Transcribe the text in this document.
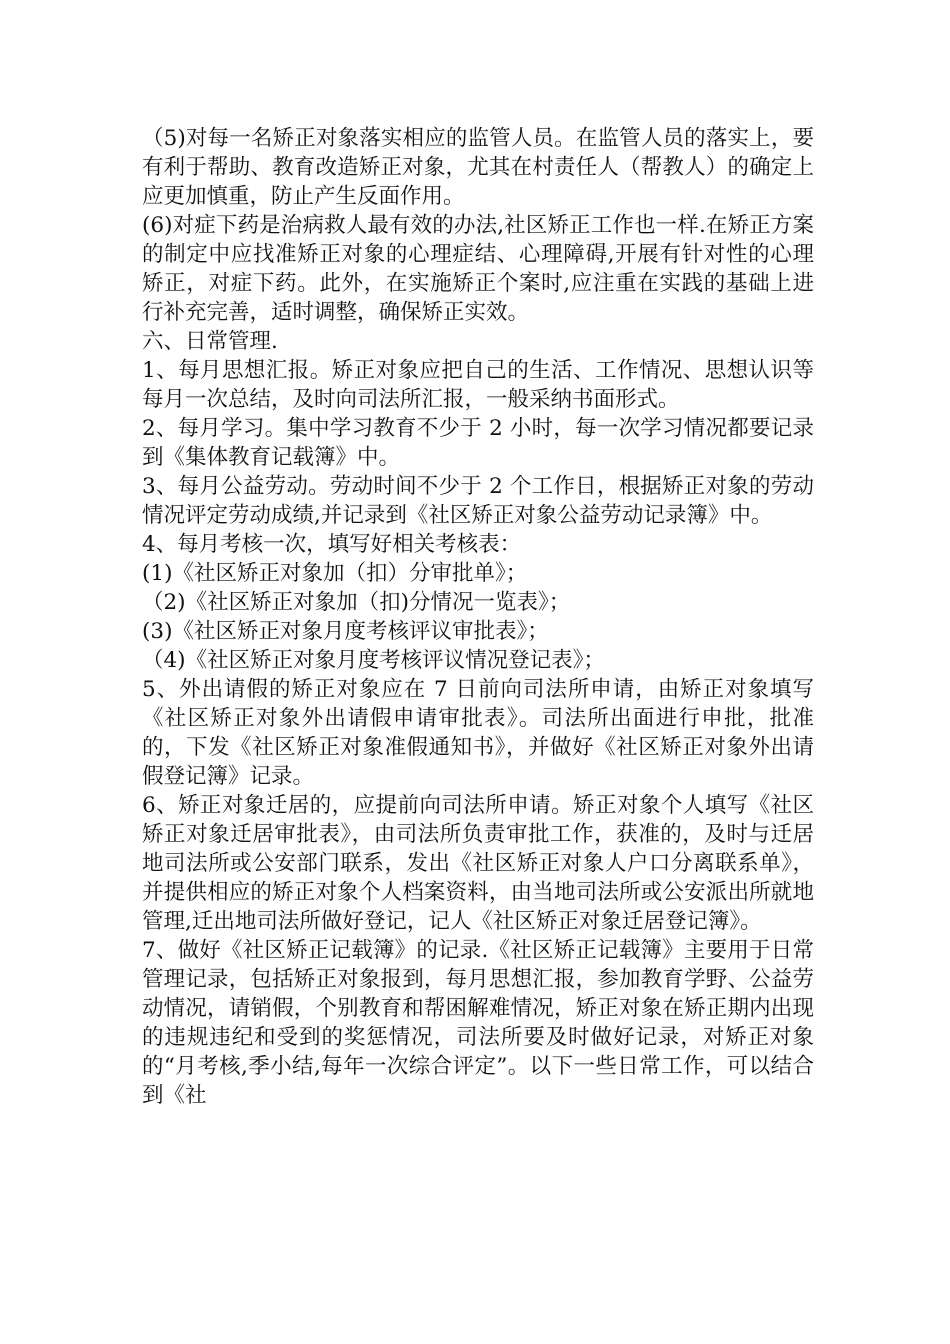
（5)对每一名矫正对象落实相应的监管人员。在监管人员的落实上，要有利于帮助、教育改造矫正对象，尤其在村责任人（帮教人）的确定上应更加慎重，防止产生反面作用。

(6)对症下药是治病救人最有效的办法,社区矫正工作也一样.在矫正方案的制定中应找准矫正对象的心理症结、心理障碍,开展有针对性的心理矫正，对症下药。此外，在实施矫正个案时,应注重在实践的基础上进行补充完善，适时调整，确保矫正实效。

六、日常管理.

1、每月思想汇报。矫正对象应把自己的生活、工作情况、思想认识等每月一次总结，及时向司法所汇报，一般采纳书面形式。

2、每月学习。集中学习教育不少于 2 小时，每一次学习情况都要记录到《集体教育记载簿》中。

3、每月公益劳动。劳动时间不少于 2 个工作日，根据矫正对象的劳动情况评定劳动成绩,并记录到《社区矫正对象公益劳动记录簿》中。

4、每月考核一次，填写好相关考核表：

(1)《社区矫正对象加（扣）分审批单》；

（2)《社区矫正对象加（扣)分情况一览表》；

(3)《社区矫正对象月度考核评议审批表》；

（4)《社区矫正对象月度考核评议情况登记表》；

5、外出请假的矫正对象应在 7 日前向司法所申请，由矫正对象填写《社区矫正对象外出请假申请审批表》。司法所出面进行申批，批准的，下发《社区矫正对象准假通知书》，并做好《社区矫正对象外出请假登记簿》记录。

6、矫正对象迁居的，应提前向司法所申请。矫正对象个人填写《社区矫正对象迁居审批表》，由司法所负责审批工作，获准的，及时与迁居地司法所或公安部门联系，发出《社区矫正对象人户口分离联系单》，并提供相应的矫正对象个人档案资料，由当地司法所或公安派出所就地管理,迁出地司法所做好登记，记人《社区矫正对象迁居登记簿》。

7、做好《社区矫正记载簿》的记录.《社区矫正记载簿》主要用于日常管理记录，包括矫正对象报到，每月思想汇报，参加教育学野、公益劳动情况，请销假，个别教育和帮困解难情况，矫正对象在矫正期内出现的违规违纪和受到的奖惩情况，司法所要及时做好记录，对矫正对象的“月考核,季小结,每年一次综合评定”。以下一些日常工作，可以结合到《社
